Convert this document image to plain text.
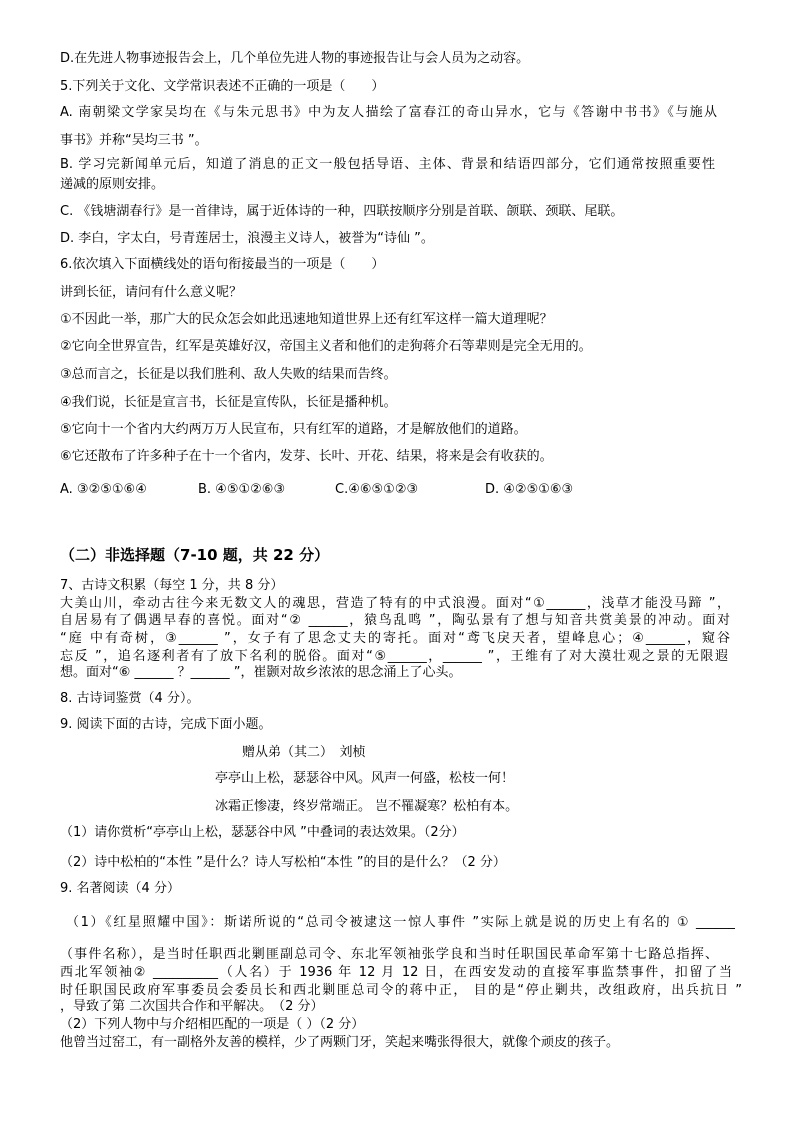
D.在先进人物事迹报告会上，几个单位先进人物的事迹报告让与会人员为之动容。
5.下列关于文化、文学常识表述不正确的一项是（　　）
A. 南朝梁文学家吴均在《与朱元思书》中为友人描绘了富春江的奇山异水，它与《答谢中书书》《与施从
事书》并称“吴均三书 ”。
B. 学习完新闻单元后，知道了消息的正文一般包括导语、主体、背景和结语四部分，它们通常按照重要性
递减的原则安排。
C. 《钱塘湖春行》是一首律诗，属于近体诗的一种，四联按顺序分别是首联、颌联、颈联、尾联。
D. 李白，字太白，号青莲居士，浪漫主义诗人，被誉为“诗仙 ”。
6.依次填入下面横线处的语句衔接最当的一项是（　　）
讲到长征，请问有什么意义呢？
①不因此一举，那广大的民众怎会如此迅速地知道世界上还有红军这样一篇大道理呢？
②它向全世界宣告，红军是英雄好汉，帝国主义者和他们的走狗蒋介石等辈则是完全无用的。
③总而言之，长征是以我们胜利、敌人失败的结果而告终。
④我们说，长征是宣言书，长征是宣传队，长征是播种机。
⑤它向十一个省内大约两万万人民宣布，只有红军的道路，才是解放他们的道路。
⑥它还散布了许多种子在十一个省内，发芽、长叶、开花、结果，将来是会有收获的。
A. ③②⑤①⑥④	B. ④⑤①②⑥③	C.④⑥⑤①②③	D. ④②⑤①⑥③
（二）非选择题（7-10 题，共 22 分）
7、古诗文积累（每空 1 分，共 8 分）
大美山川，牵动古往今来无数文人的魂思，营造了特有的中式浪漫。面对“①______，浅草才能没马蹄 ”，
自居易有了偶遇早春的喜悦。面对“② ______，猿鸟乱鸣 ”，陶弘景有了想与知音共赏美景的冲动。面对
“庭 中有奇树，③______ ”，女子有了思念丈夫的寄托。面对“鸢飞戾天者，望峰息心；④______，窥谷
忘反 ”，追名逐利者有了放下名利的脱俗。面对“⑤______，______ ”，王维有了对大漠壮观之景的无限遐
想。面对“⑥ ______ ？______ ”，崔颢对故乡浓浓的思念涌上了心头。
8. 古诗词鉴赏（4 分）。
9. 阅读下面的古诗，完成下面小题。
赠从弟（其二）　刘桢
亭亭山上松，瑟瑟谷中风。风声一何盛，松枝一何！
冰霜正惨凄，终岁常端正。 岂不罹凝寒？松柏有本。
（1）请你赏析“亭亭山上松，瑟瑟谷中风 ”中叠词的表达效果。（2分）
（2）诗中松柏的“本性 ”是什么？诗人写松柏“本性 ”的目的是什么？（2 分）
9. 名著阅读（4 分）
（1）《红星照耀中国》：斯诺所说的“总司令被逮这一惊人事件 ”实际上就是说的历史上有名的 ① ______
（事件名称），是当时任职西北剿匪副总司令、东北军领袖张学良和当时任职国民革命军第十七路总指挥、
西北军领袖② __________（人名）于 1936 年 12 月 12 日，在西安发动的直接军事监禁事件，扣留了当
时任职国民政府军事委员会委员长和西北剿匪总司令的蒋中正， 目的是“停止剿共，改组政府，出兵抗日 ”
，导致了第 二次国共合作和平解决。　（2 分）
（2）下列人物中与介绍相匹配的一项是（ ）（2 分）
他曾当过窑工，有一副格外友善的模样，少了两颗门牙，笑起来嘴张得很大，就像个顽皮的孩子。
